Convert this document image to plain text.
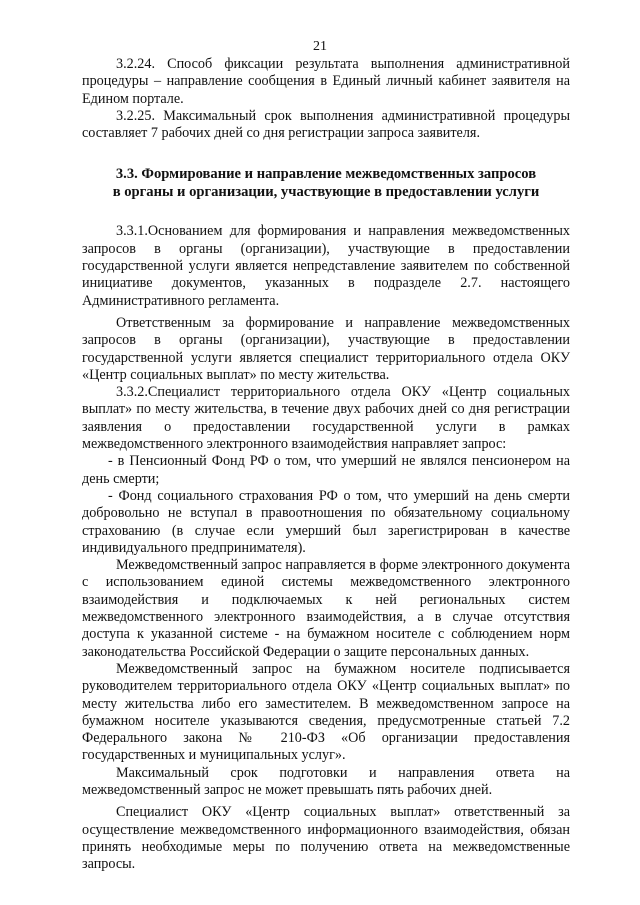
21

3.2.24. Способ фиксации результата выполнения административной процедуры – направление сообщения в Единый личный кабинет заявителя на Едином портале.

3.2.25. Максимальный срок выполнения административной процедуры составляет 7 рабочих дней со дня регистрации запроса заявителя.

3.3. Формирование и направление межведомственных запросов
в органы и организации, участвующие в предоставлении услуги

3.3.1.Основанием для формирования и направления межведомственных запросов в органы (организации), участвующие в предоставлении государственной услуги является непредставление заявителем по собственной инициативе документов, указанных в подразделе 2.7. настоящего Административного регламента.

Ответственным за формирование и направление межведомственных запросов в органы (организации), участвующие в предоставлении государственной услуги является специалист территориального отдела ОКУ «Центр социальных выплат» по месту жительства.

3.3.2.Специалист территориального отдела ОКУ «Центр социальных выплат» по месту жительства, в течение двух рабочих дней со дня регистрации заявления о предоставлении государственной услуги в рамках межведомственного электронного взаимодействия направляет запрос:

- в Пенсионный Фонд РФ о том, что умерший не являлся пенсионером на день смерти;

- Фонд социального страхования РФ о том, что умерший на день смерти добровольно не вступал в правоотношения по обязательному социальному страхованию (в случае если умерший был зарегистрирован в качестве индивидуального предпринимателя).

Межведомственный запрос направляется в форме электронного документа с использованием единой системы межведомственного электронного взаимодействия и подключаемых к ней региональных систем межведомственного электронного взаимодействия, а в случае отсутствия доступа к указанной системе - на бумажном носителе с соблюдением норм законодательства Российской Федерации о защите персональных данных.

Межведомственный запрос на бумажном носителе подписывается руководителем территориального отдела ОКУ «Центр социальных выплат» по месту жительства либо его заместителем. В межведомственном запросе на бумажном носителе указываются сведения, предусмотренные статьей 7.2 Федерального закона № 210-ФЗ «Об организации предоставления государственных и муниципальных услуг».

Максимальный срок подготовки и направления ответа на межведомственный запрос не может превышать пять рабочих дней.

Специалист ОКУ «Центр социальных выплат» ответственный за осуществление межведомственного информационного взаимодействия, обязан принять необходимые меры по получению ответа на межведомственные запросы.
